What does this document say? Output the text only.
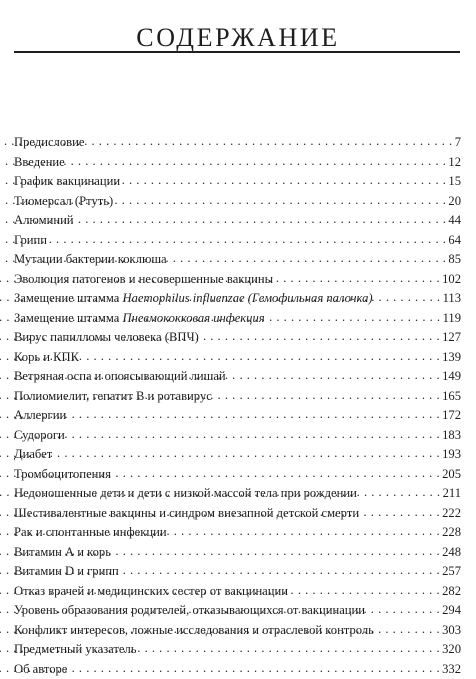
СОДЕРЖАНИЕ
Предисловие . . .	7
Введение . . .	12
График вакцинации . . .	15
Тиомерсал (Ртуть) . . .	20
Алюминий . . .	44
Грипп . . .	64
Мутации бактерии коклюша . . .	85
Эволюция патогенов и несовершенные вакцины . . .	102
Замещение штамма Haemophilus influenzae (Гемофильная палочка) . . .	113
Замещение штамма Пневмококковая инфекция . . .	119
Вирус папилломы человека (ВПЧ) . . .	127
Корь и КПК . . .	139
Ветряная оспа и опоясывающий лишай . . .	149
Полиомиелит, гепатит В и ротавирус . . .	165
Аллергии . . .	172
Судороги . . .	183
Диабет . . .	193
Тромбоцитопения . . .	205
Недоношенные дети и дети с низкой массой тела при рождении . . .	211
Шестивалентные вакцины и синдром внезапной детской смерти . . .	222
Рак и спонтанные инфекции . . .	228
Витамин А и корь . . .	248
Витамин D и грипп . . .	257
Отказ врачей и медицинских сестер от вакцинации . . .	282
Уровень образования родителей, отказывающихся от вакцинации . . .	294
Конфликт интересов, ложные исследования и отраслевой контроль . . .	303
Предметный указатель . . .	320
Об авторе . . .	332
